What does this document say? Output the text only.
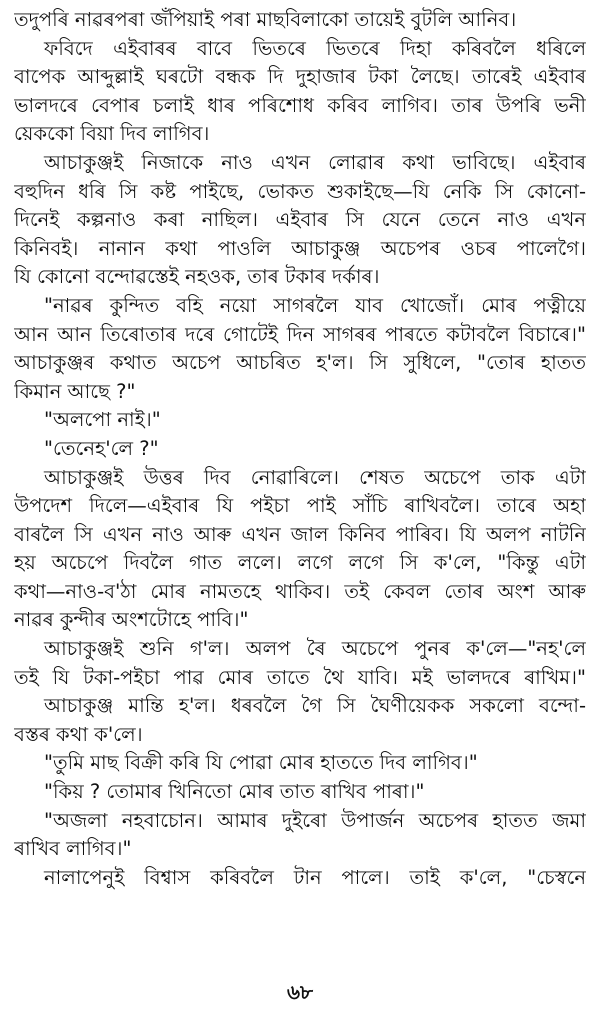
তদুপৰি নাৱৰপৰা জঁপিয়াই পৰা মাছবিলাকো তায়েই বুটলি আনিব।
ফবিদে এইবাৰৰ বাবে ভিতৰে ভিতৰে দিহা কৰিবলৈ ধৰিলে
বাপেক আব্দুল্লাই ঘৰটো বন্ধক দি দুহাজাৰ টকা লৈছে। তাৰেই এইবাৰ
ভালদৰে বেপাৰ চলাই ধাৰ পৰিশোধ কৰিব লাগিব। তাৰ উপৰি ভনী
য়েককো বিয়া দিব লাগিব।
আচাকুঞ্জই নিজাকে নাও এখন লোৱাৰ কথা ভাবিছে। এইবাৰ
বহুদিন ধৰি সি কষ্ট পাইছে, ভোকত শুকাইছে—যি নেকি সি কোনো-
দিনেই কল্পনাও কৰা নাছিল। এইবাৰ সি যেনে তেনে নাও এখন
কিনিবই। নানান কথা পাওলি আচাকুঞ্জ অচেপৰ ওচৰ পালেগৈ।
যি কোনো বন্দোৱস্তেই নহওক, তাৰ টকাৰ দৰ্কাৰ।
"নাৱৰ কুন্দিত বহি নয়ো সাগৰলৈ যাব খোজোঁ। মোৰ পত্নীয়ে
আন আন তিৰোতাৰ দৰে গোটেই দিন সাগৰৰ পাৰতে কটাবলৈ বিচাৰে।"
আচাকুঞ্জৰ কথাত অচেপ আচৰিত হ'ল। সি সুধিলে, "তোৰ হাতত
কিমান আছে ?"
"অলপো নাই।"
"তেনেহ'লে ?"
আচাকুঞ্জই উত্তৰ দিব নোৱাৰিলে। শেষত অচেপে তাক এটা
উপদেশ দিলে—এইবাৰ যি পইচা পাই সাঁচি ৰাখিবলৈ। তাৰে অহা
বাৰলৈ সি এখন নাও আৰু এখন জাল কিনিব পাৰিব। যি অলপ নাটনি
হয় অচেপে দিবলৈ গাত ললে। লগে লগে সি ক'লে, "কিন্তু এটা
কথা—নাও-ব'ঠা মোৰ নামতহে থাকিব। তই কেবল তোৰ অংশ আৰু
নাৱৰ কুন্দীৰ অংশটোহে পাবি।"
আচাকুঞ্জই শুনি গ'ল। অলপ ৰৈ অচেপে পুনৰ ক'লে—"নহ'লে
তই যি টকা-পইচা পাৱ মোৰ তাতে থৈ যাবি। মই ভালদৰে ৰাখিম।"
আচাকুঞ্জ মান্তি হ'ল। ধৰবলৈ গৈ সি ঘৈণীয়েকক সকলো বন্দো-
বস্তৰ কথা ক'লে।
"তুমি মাছ বিক্ৰী কৰি যি পোৱা মোৰ হাততে দিব লাগিব।"
"কিয় ? তোমাৰ খিনিতো মোৰ তাত ৰাখিব পাৰা।"
"অজলা নহবাচোন। আমাৰ দুইৰো উপাৰ্জন অচেপৰ হাতত জমা
ৰাখিব লাগিব।"
নালাপেনুই বিশ্বাস কৰিবলৈ টান পালে। তাই ক'লে, "চেস্বনে
৬৮
